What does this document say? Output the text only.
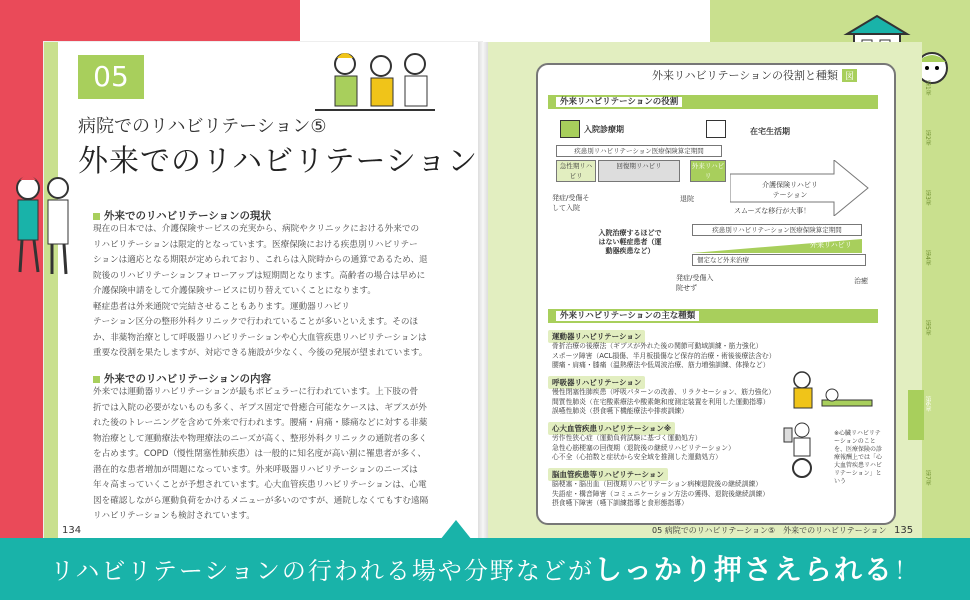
05
病院でのリハビリテーション⑤
外来でのリハビリテーション
外来でのリハビリテーションの現状
現在の日本では、介護保険サービスの充実から、病院やクリニックにおける外来での
リハビリテーションは限定的となっています。医療保険における疾患別リハビリテー
ションは適応となる期限が定められており、これらは入院時からの通算であるため、退
院後のリハビリテーションフォローアップは短期間となります。高齢者の場合は早めに
介護保険申請をして介護保険サービスに切り替えていくことになります。
軽症患者は外来通院で完結させることもあります。運動器リハビリ
テーション区分の整形外科クリニックで行われていることが多いといえます。そのほ
か、非薬物治療として呼吸器リハビリテーションや心大血管疾患リハビリテーションは
重要な役割を果たしますが、対応できる施設が少なく、今後の発展が望まれています。
外来でのリハビリテーションの内容
外来では運動器リハビリテーションが最もポピュラーに行われています。上下肢の骨
折では入院の必要がないものも多く、ギプス固定で骨癒合可能なケースは、ギプスが外
れた後のトレーニングを含めて外来で行われます。腰痛・肩痛・膝痛などに対する非薬
物治療として運動療法や物理療法のニーズが高く、整形外科クリニックの通院者の多く
を占めます。COPD（慢性閉塞性肺疾患）は一般的に知名度が高い割に罹患者が多く、
潜在的な患者増加が問題になっています。外来呼吸器リハビリテーションのニーズは
年々高まっていくことが予想されています。心大血管疾患リハビリテーションは、心電
図を確認しながら運動負荷をかけるメニューが多いのですが、通院しなくてもすむ遠隔
リハビリテーションも検討されています。
134
外来リハビリテーションの役割と種類 図
外来リハビリテーションの役割
入院診療期	在宅生活期
疾患別リハビリテーション医療保険算定期間
急性期リハビリ
回復期リハビリ	外来リハビリ
介護保険リハビリテーション
スムーズな移行が大事！
発症/受傷そして入院
退院
入院治療するほどではない軽症患者（運動器疾患など）
疾患別リハビリテーション医療保険算定期間
外来リハビリ
個定など外来治療
発症/受傷入院せず
治癒
外来リハビリテーションの主な種類
運動器リハビリテーション
骨折治療の後療法（ギプスが外れた後の関節可動域訓練・筋力強化）
スポーツ障害（ACL損傷、半月板損傷など保存的治療・術後後療法含む）
腰痛・肩痛・膝痛（温熱療法や低周波治療、筋力増強訓練、体操など）
呼吸器リハビリテーション
慢性閉塞性肺疾患（呼吸パターンの改善、リラクセーション、筋力強化）
間質性肺炎（在宅酸素療法や酸素飽和度測定装置を利用した運動指導）
誤嚥性肺炎（摂食嚥下機能療法や排痰訓練）
心大血管疾患リハビリテーション※
労作性狭心症（運動負荷試験に基づく運動処方）
急性心筋梗塞の回復期（退院後の継続リハビリテーション）
心不全（心拍数と症状から安全域を推測した運動処方）
※心臓リハビリテーションのことを、医療保険の診療報酬上では「心大血管疾患リハビリテーション」という
脳血管疾患等リハビリテーション
脳梗塞・脳出血（回復期リハビリテーション病棟退院後の継続訓練）
失語症・構音障害（コミュニケーション方法の獲得、退院後継続訓練）
摂食嚥下障害（嚥下訓練指導と食形態指導）
05 病院でのリハビリテーション⑤　外来でのリハビリテーション 135
第1章
第2章
第3章
第4章
第5章
第6章
第7章
リハビリテーションの行われる場や分野などがしっかり押さえられる！
